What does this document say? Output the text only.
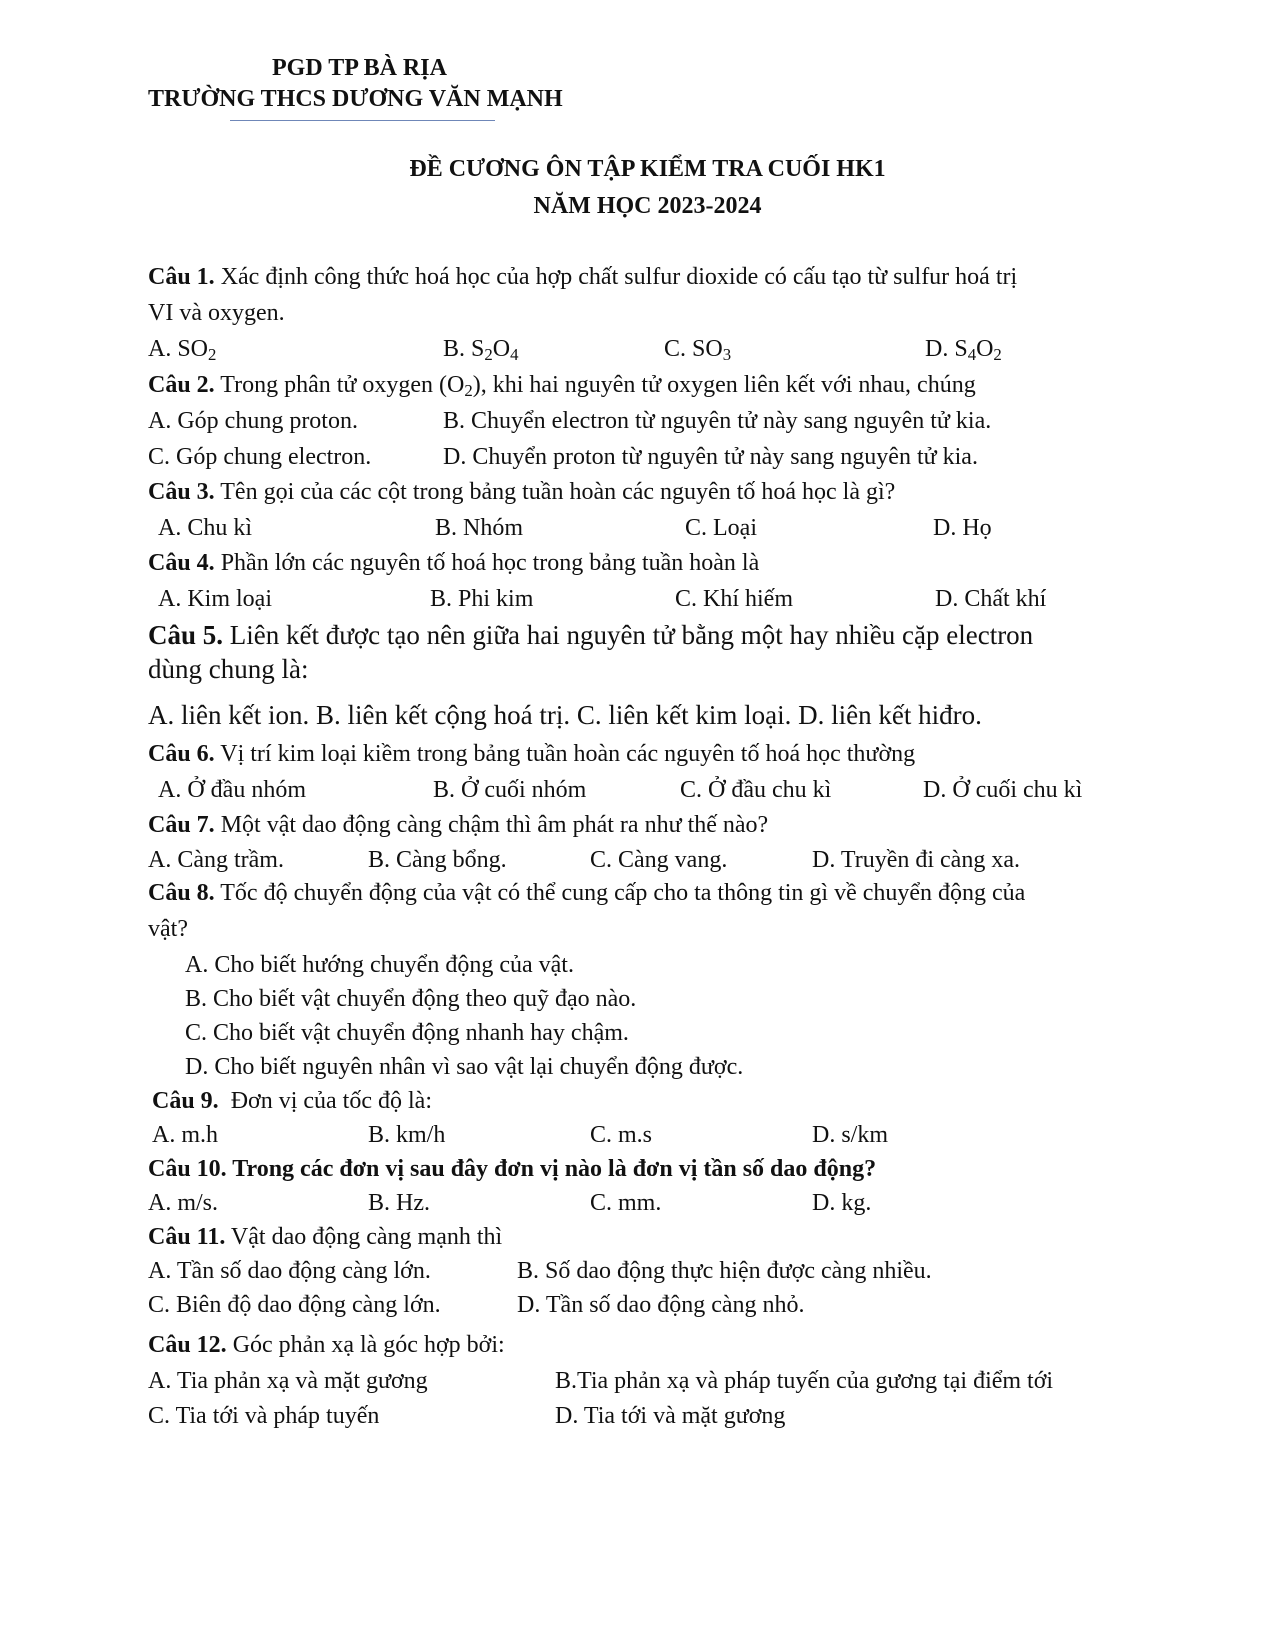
PGD TP BÀ RỊA
TRƯỜNG THCS DƯƠNG VĂN MẠNH
ĐỀ CƯƠNG ÔN TẬP KIỂM TRA CUỐI HK1
NĂM HỌC 2023-2024
Câu 1. Xác định công thức hoá học của hợp chất sulfur dioxide có cấu tạo từ sulfur hoá trị
VI và oxygen.
A. $SO_2$	B. $S_2O_4$	C. $SO_3$	D. $S_4O_2$
Câu 2. Trong phân tử oxygen $(O_2)$, khi hai nguyên tử oxygen liên kết với nhau, chúng
A. Góp chung proton.	B. Chuyển electron từ nguyên tử này sang nguyên tử kia.
C. Góp chung electron.	D. Chuyển proton từ nguyên tử này sang nguyên tử kia.
Câu 3. Tên gọi của các cột trong bảng tuần hoàn các nguyên tố hoá học là gì?
A. Chu kì	B. Nhóm	C. Loại	D. Họ
Câu 4. Phần lớn các nguyên tố hoá học trong bảng tuần hoàn là
A. Kim loại	B. Phi kim	C. Khí hiếm	D. Chất khí
Câu 5. Liên kết được tạo nên giữa hai nguyên tử bằng một hay nhiều cặp electron
dùng chung là:
A. liên kết ion. B. liên kết cộng hoá trị. C. liên kết kim loại. D. liên kết hiđro.
Câu 6. Vị trí kim loại kiềm trong bảng tuần hoàn các nguyên tố hoá học thường
A. Ở đầu nhóm	B. Ở cuối nhóm	C. Ở đầu chu kì	D. Ở cuối chu kì
Câu 7. Một vật dao động càng chậm thì âm phát ra như thế nào?
A. Càng trầm.	B. Càng bổng.	C. Càng vang.	D. Truyền đi càng xa.
Câu 8. Tốc độ chuyển động của vật có thể cung cấp cho ta thông tin gì về chuyển động của
vật?
A. Cho biết hướng chuyển động của vật.
B. Cho biết vật chuyển động theo quỹ đạo nào.
C. Cho biết vật chuyển động nhanh hay chậm.
D. Cho biết nguyên nhân vì sao vật lại chuyển động được.
Câu 9.  Đơn vị của tốc độ là:
A. m.h	B. km/h	C. m.s	D. s/km
Câu 10. Trong các đơn vị sau đây đơn vị nào là đơn vị tần số dao động?
A. m/s.	B. Hz.	C. mm.	D. kg.
Câu 11. Vật dao động càng mạnh thì
A. Tần số dao động càng lớn.	B. Số dao động thực hiện được càng nhiều.
C. Biên độ dao động càng lớn.	D. Tần số dao động càng nhỏ.
Câu 12. Góc phản xạ là góc hợp bởi:
A. Tia phản xạ và mặt gương	B.Tia phản xạ và pháp tuyến của gương tại điểm tới
C. Tia tới và pháp tuyến	D. Tia tới và mặt gương
